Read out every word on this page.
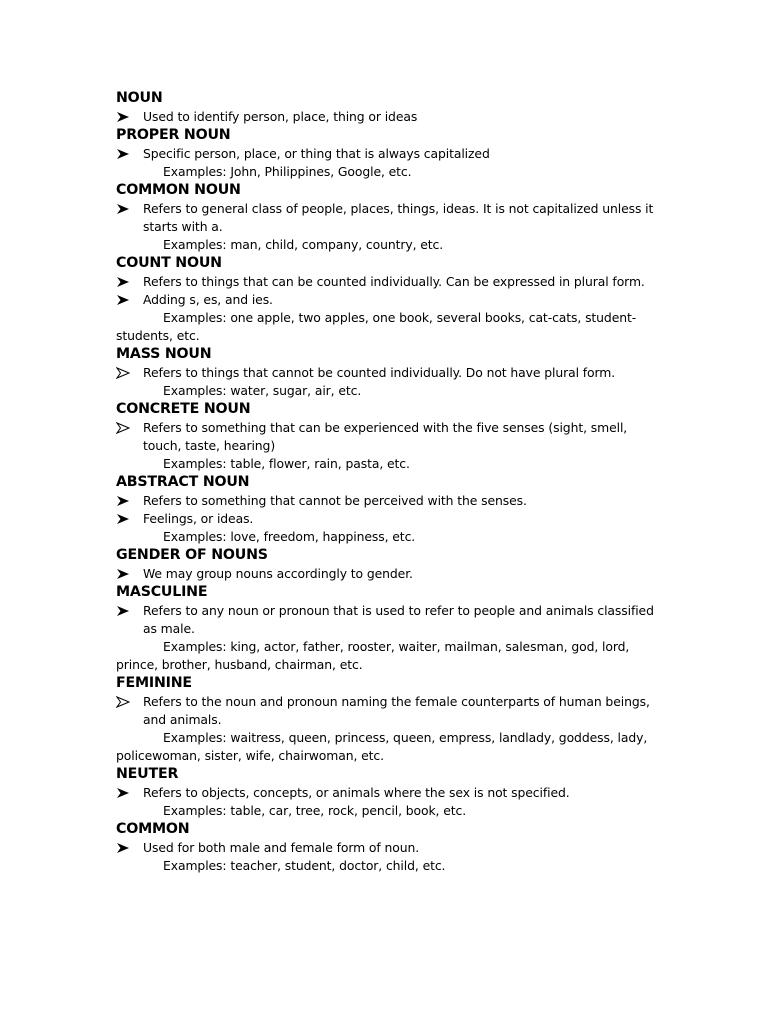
NOUN
Used to identify person, place, thing or ideas
PROPER NOUN
Specific person, place, or thing that is always capitalized
Examples: John, Philippines, Google, etc.
COMMON NOUN
Refers to general class of people, places, things, ideas. It is not capitalized unless it starts with a.
Examples: man, child, company, country, etc.
COUNT NOUN
Refers to things that can be counted individually. Can be expressed in plural form.
Adding s, es, and ies.
Examples: one apple, two apples, one book, several books, cat-cats, student-students, etc.
MASS NOUN
Refers to things that cannot be counted individually. Do not have plural form.
Examples: water, sugar, air, etc.
CONCRETE NOUN
Refers to something that can be experienced with the five senses (sight, smell, touch, taste, hearing)
Examples: table, flower, rain, pasta, etc.
ABSTRACT NOUN
Refers to something that cannot be perceived with the senses.
Feelings, or ideas.
Examples: love, freedom, happiness, etc.
GENDER OF NOUNS
We may group nouns accordingly to gender.
MASCULINE
Refers to any noun or pronoun that is used to refer to people and animals classified as male.
Examples: king, actor, father, rooster, waiter, mailman, salesman, god, lord, prince, brother, husband, chairman, etc.
FEMININE
Refers to the noun and pronoun naming the female counterparts of human beings, and animals.
Examples: waitress, queen, princess, queen, empress, landlady, goddess, lady, policewoman, sister, wife, chairwoman, etc.
NEUTER
Refers to objects, concepts, or animals where the sex is not specified.
Examples: table, car, tree, rock, pencil, book, etc.
COMMON
Used for both male and female form of noun.
Examples: teacher, student, doctor, child, etc.
